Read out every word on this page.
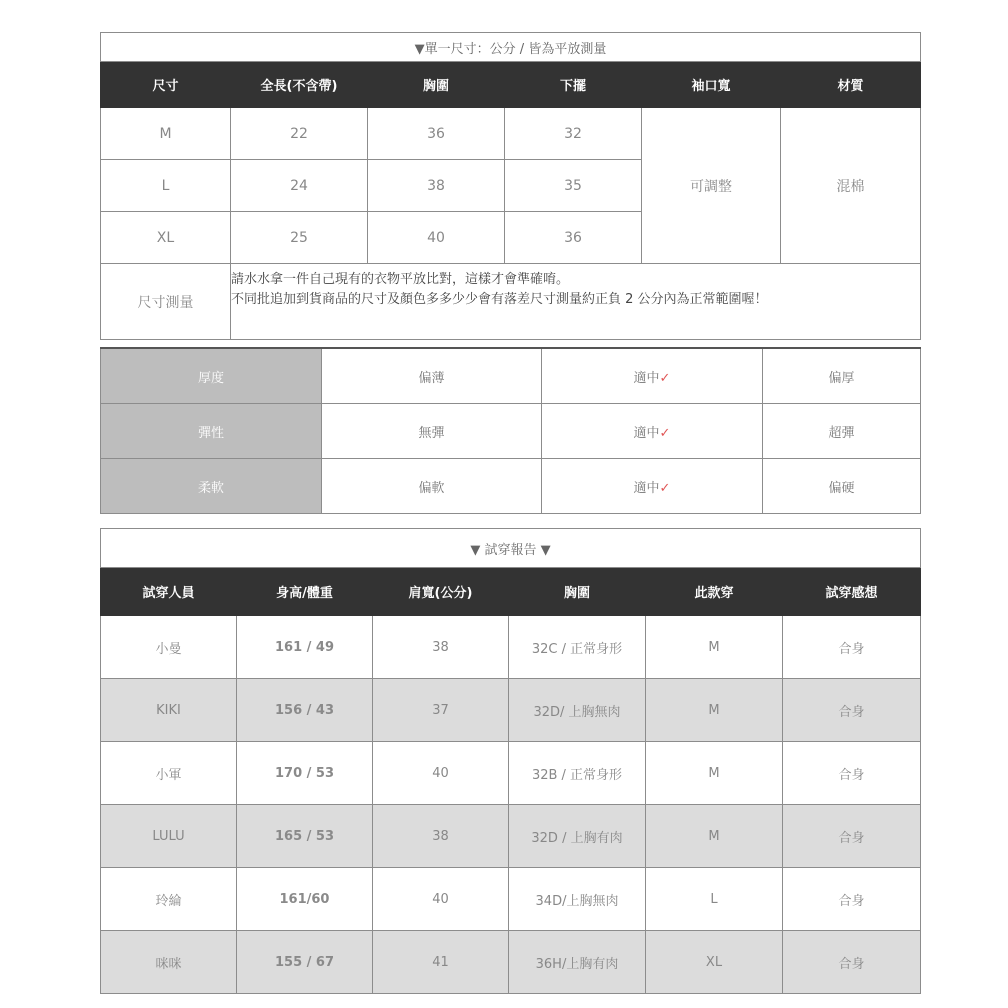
▼單一尺寸：公分 / 皆為平放測量					
尺寸	全長(不含帶)	胸圍	下擺	袖口寬	材質
M	22	36	32	可調整	混棉
L	24	38	35		
XL	25	40	36		
尺寸測量	請水水拿一件自己現有的衣物平放比對，這樣才會準確唷。
不同批追加到貨商品的尺寸及顏色多多少少會有落差尺寸測量約正負 2 公分內為正常範圍喔！				
厚度	偏薄	適中✓	偏厚
彈性	無彈	適中✓	超彈
柔軟	偏軟	適中✓	偏硬
▼ 試穿報告 ▼					
試穿人員	身高/體重	肩寬(公分)	胸圍	此款穿	試穿感想
小曼	161 / 49	38	32C / 正常身形	M	合身
KIKI	156 / 43	37	32D/ 上胸無肉	M	合身
小軍	170 / 53	40	32B / 正常身形	M	合身
LULU	165 / 53	38	32D / 上胸有肉	M	合身
玲綸	161/60	40	34D/上胸無肉	L	合身
咪咪	155 / 67	41	36H/上胸有肉	XL	合身
